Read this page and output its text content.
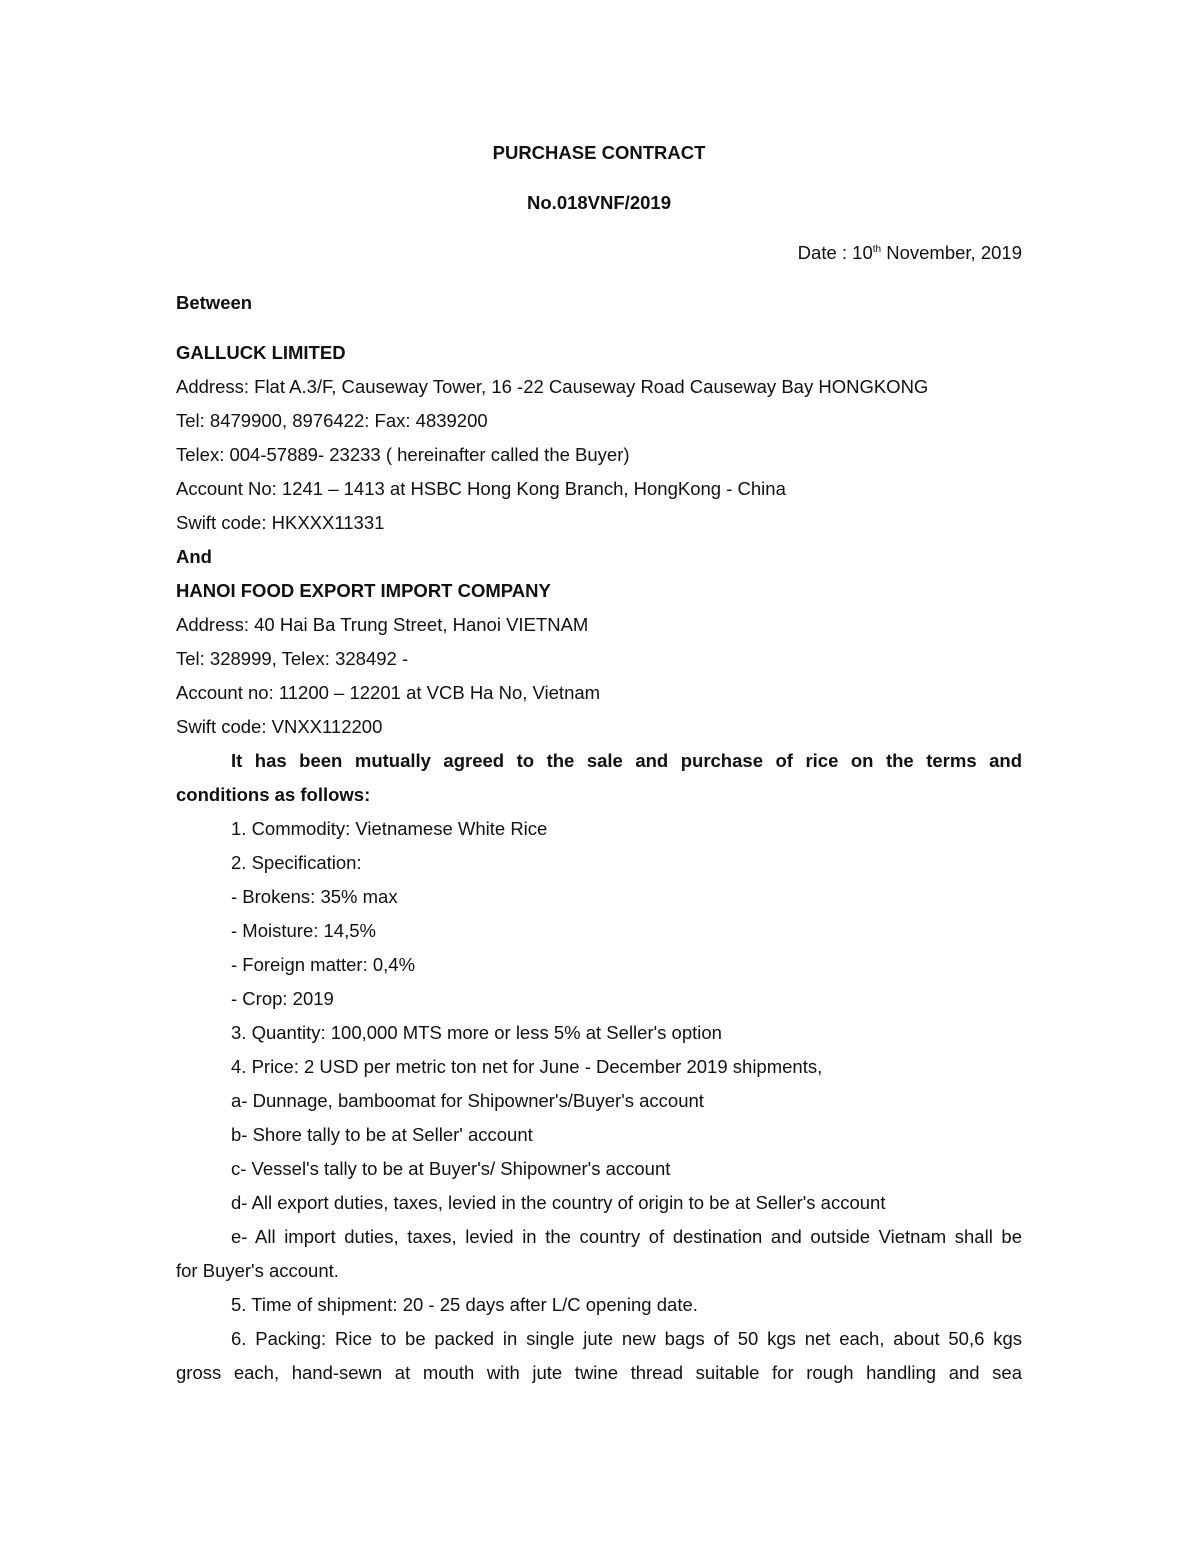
PURCHASE CONTRACT
No.018VNF/2019
Date : 10th November, 2019
Between
GALLUCK LIMITED
Address: Flat A.3/F, Causeway Tower, 16 -22 Causeway Road Causeway Bay HONGKONG
Tel: 8479900, 8976422: Fax: 4839200
Telex: 004-57889- 23233 ( hereinafter called the Buyer)
Account No: 1241 – 1413 at HSBC Hong Kong Branch, HongKong - China
Swift code: HKXXX11331
And
HANOI FOOD EXPORT IMPORT COMPANY
Address: 40 Hai Ba Trung Street, Hanoi VIETNAM
Tel: 328999, Telex: 328492 -
Account no: 11200 – 12201 at VCB Ha No, Vietnam
Swift code: VNXX112200
It has been mutually agreed to the sale and purchase of rice on the terms and
conditions as follows:
1. Commodity: Vietnamese White Rice
2. Specification:
- Brokens: 35% max
- Moisture: 14,5%
- Foreign matter: 0,4%
- Crop: 2019
3. Quantity: 100,000 MTS more or less 5% at Seller's option
4. Price: 2 USD per metric ton net for June - December 2019 shipments,
a- Dunnage, bamboomat for Shipowner's/Buyer's account
b- Shore tally to be at Seller' account
c- Vessel's tally to be at Buyer's/ Shipowner's account
d- All export duties, taxes, levied in the country of origin to be at Seller's account
e- All import duties, taxes, levied in the country of destination and outside Vietnam shall be
for Buyer's account.
5. Time of shipment: 20 - 25 days after L/C opening date.
6. Packing: Rice to be packed in single jute new bags of 50 kgs net each, about 50,6 kgs
gross each, hand-sewn at mouth with jute twine thread suitable for rough handling and sea
